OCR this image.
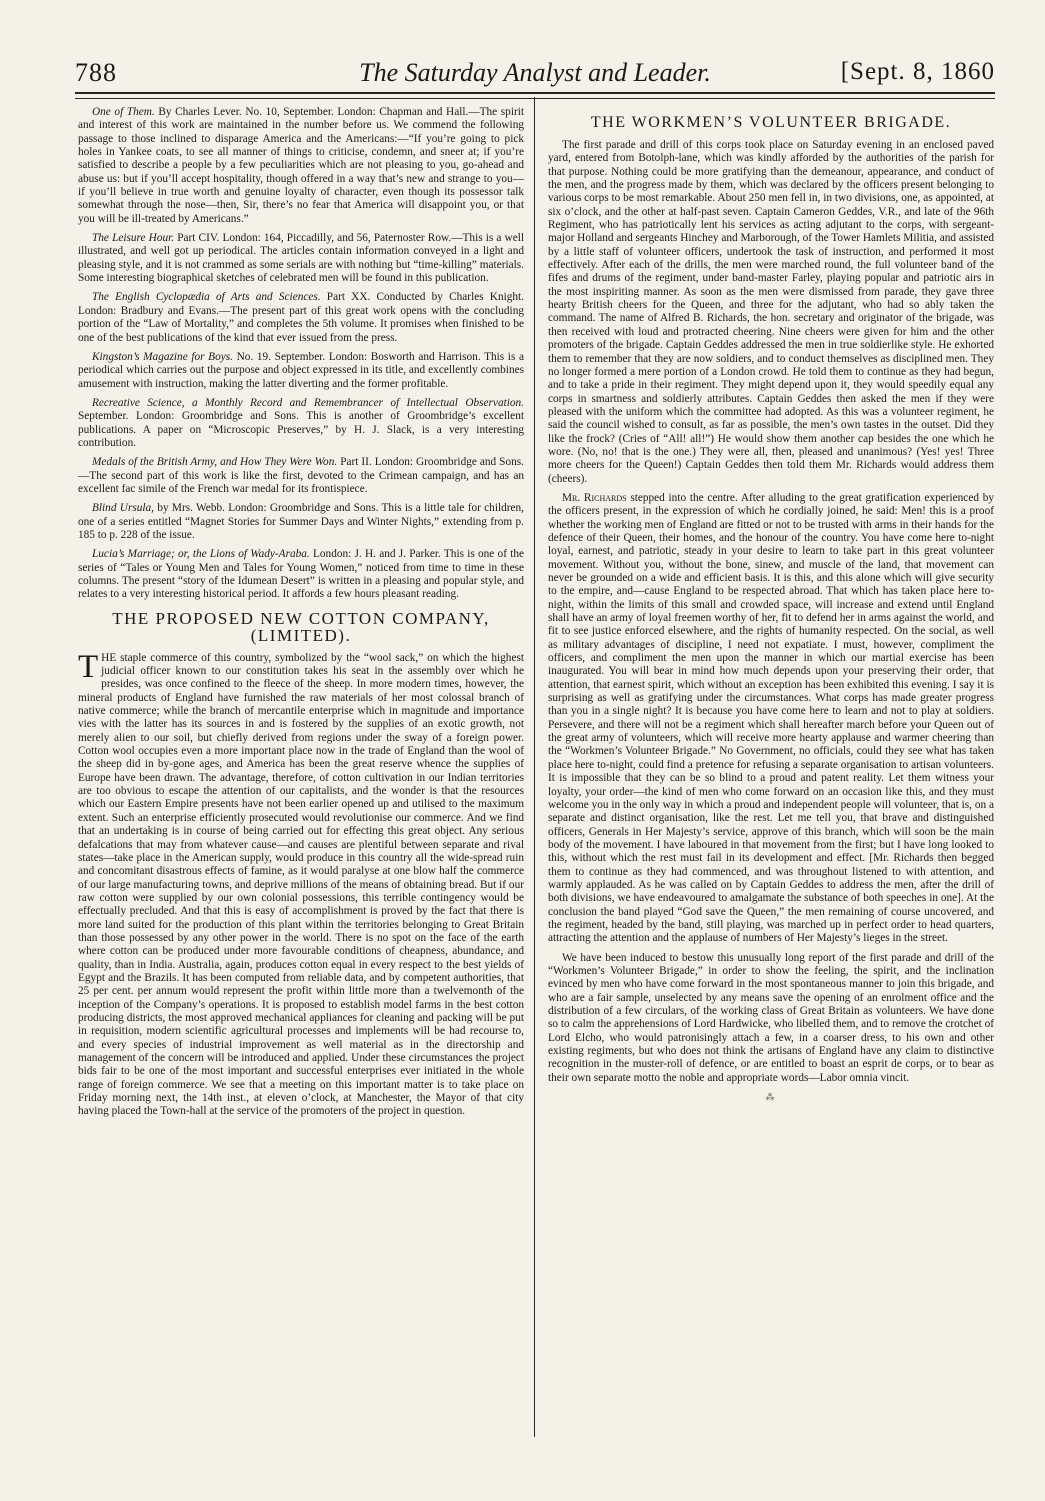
788	The Saturday Analyst and Leader.	[Sept. 8, 1860

One of Them. By Charles Lever. No. 10, September. London: Chapman and Hall.—The spirit and interest of this work are maintained in the number before us. We commend the following passage to those inclined to disparage America and the Americans:—“If you’re going to pick holes in Yankee coats, to see all manner of things to criticise, condemn, and sneer at; if you’re satisfied to describe a people by a few peculiarities which are not pleasing to you, go-ahead and abuse us: but if you’ll accept hospitality, though offered in a way that’s new and strange to you—if you’ll believe in true worth and genuine loyalty of character, even though its possessor talk somewhat through the nose—then, Sir, there’s no fear that America will disappoint you, or that you will be ill-treated by Americans.”

The Leisure Hour. Part CIV. London: 164, Piccadilly, and 56, Paternoster Row.—This is a well illustrated, and well got up periodical. The articles contain information conveyed in a light and pleasing style, and it is not crammed as some serials are with nothing but “time-killing” materials. Some interesting biographical sketches of celebrated men will be found in this publication.

The English Cyclopædia of Arts and Sciences. Part XX. Conducted by Charles Knight. London: Bradbury and Evans.—The present part of this great work opens with the concluding portion of the “Law of Mortality,” and completes the 5th volume. It promises when finished to be one of the best publications of the kind that ever issued from the press.

Kingston’s Magazine for Boys. No. 19. September. London: Bosworth and Harrison. This is a periodical which carries out the purpose and object expressed in its title, and excellently combines amusement with instruction, making the latter diverting and the former profitable.

Recreative Science, a Monthly Record and Remembrancer of Intellectual Observation. September. London: Groombridge and Sons. This is another of Groombridge’s excellent publications. A paper on “Microscopic Preserves,” by H. J. Slack, is a very interesting contribution.

Medals of the British Army, and How They Were Won. Part II. London: Groombridge and Sons.—The second part of this work is like the first, devoted to the Crimean campaign, and has an excellent fac simile of the French war medal for its frontispiece.

Blind Ursula, by Mrs. Webb. London: Groombridge and Sons. This is a little tale for children, one of a series entitled “Magnet Stories for Summer Days and Winter Nights,” extending from p. 185 to p. 228 of the issue.

Lucia’s Marriage; or, the Lions of Wady-Araba. London: J. H. and J. Parker. This is one of the series of “Tales or Young Men and Tales for Young Women,” noticed from time to time in these columns. The present “story of the Idumean Desert” is written in a pleasing and popular style, and relates to a very interesting historical period. It affords a few hours pleasant reading.

THE PROPOSED NEW COTTON COMPANY, (LIMITED).

THE staple commerce of this country, symbolized by the “wool sack,” on which the highest judicial officer known to our constitution takes his seat in the assembly over which he presides, was once confined to the fleece of the sheep. In more modern times, however, the mineral products of England have furnished the raw materials of her most colossal branch of native commerce; while the branch of mercantile enterprise which in magnitude and importance vies with the latter has its sources in and is fostered by the supplies of an exotic growth, not merely alien to our soil, but chiefly derived from regions under the sway of a foreign power. Cotton wool occupies even a more important place now in the trade of England than the wool of the sheep did in by-gone ages, and America has been the great reserve whence the supplies of Europe have been drawn. The advantage, therefore, of cotton cultivation in our Indian territories are too obvious to escape the attention of our capitalists, and the wonder is that the resources which our Eastern Empire presents have not been earlier opened up and utilised to the maximum extent. Such an enterprise efficiently prosecuted would revolutionise our commerce. And we find that an undertaking is in course of being carried out for effecting this great object. Any serious defalcations that may from whatever cause—and causes are plentiful between separate and rival states—take place in the American supply, would produce in this country all the wide-spread ruin and concomitant disastrous effects of famine, as it would paralyse at one blow half the commerce of our large manufacturing towns, and deprive millions of the means of obtaining bread. But if our raw cotton were supplied by our own colonial possessions, this terrible contingency would be effectually precluded. And that this is easy of accomplishment is proved by the fact that there is more land suited for the production of this plant within the territories belonging to Great Britain than those possessed by any other power in the world. There is no spot on the face of the earth where cotton can be produced under more favourable conditions of cheapness, abundance, and quality, than in India. Australia, again, produces cotton equal in every respect to the best yields of Egypt and the Brazils. It has been computed from reliable data, and by competent authorities, that 25 per cent. per annum would represent the profit within little more than a twelvemonth of the inception of the Company’s operations. It is proposed to establish model farms in the best cotton producing districts, the most approved mechanical appliances for cleaning and packing will be put in requisition, modern scientific agricultural processes and implements will be had recourse to, and every species of industrial improvement as well material as in the directorship and management of the concern will be introduced and applied. Under these circumstances the project bids fair to be one of the most important and successful enterprises ever initiated in the whole range of foreign commerce. We see that a meeting on this important matter is to take place on Friday morning next, the 14th inst., at eleven o’clock, at Manchester, the Mayor of that city having placed the Town-hall at the service of the promoters of the project in question.

THE WORKMEN’S VOLUNTEER BRIGADE.

The first parade and drill of this corps took place on Saturday evening in an enclosed paved yard, entered from Botolph-lane, which was kindly afforded by the authorities of the parish for that purpose. Nothing could be more gratifying than the demeanour, appearance, and conduct of the men, and the progress made by them, which was declared by the officers present belonging to various corps to be most remarkable. About 250 men fell in, in two divisions, one, as appointed, at six o’clock, and the other at half-past seven. Captain Cameron Geddes, V.R., and late of the 96th Regiment, who has patriotically lent his services as acting adjutant to the corps, with sergeant-major Holland and sergeants Hinchey and Marborough, of the Tower Hamlets Militia, and assisted by a little staff of volunteer officers, undertook the task of instruction, and performed it most effectively. After each of the drills, the men were marched round, the full volunteer band of the fifes and drums of the regiment, under band-master Farley, playing popular and patriotic airs in the most inspiriting manner. As soon as the men were dismissed from parade, they gave three hearty British cheers for the Queen, and three for the adjutant, who had so ably taken the command. The name of Alfred B. Richards, the hon. secretary and originator of the brigade, was then received with loud and protracted cheering. Nine cheers were given for him and the other promoters of the brigade. Captain Geddes addressed the men in true soldierlike style. He exhorted them to remember that they are now soldiers, and to conduct themselves as disciplined men. They no longer formed a mere portion of a London crowd. He told them to continue as they had begun, and to take a pride in their regiment. They might depend upon it, they would speedily equal any corps in smartness and soldierly attributes. Captain Geddes then asked the men if they were pleased with the uniform which the committee had adopted. As this was a volunteer regiment, he said the council wished to consult, as far as possible, the men’s own tastes in the outset. Did they like the frock? (Cries of “All! all!”) He would show them another cap besides the one which he wore. (No, no! that is the one.) They were all, then, pleased and unanimous? (Yes! yes! Three more cheers for the Queen!) Captain Geddes then told them Mr. Richards would address them (cheers).

Mr. Richards stepped into the centre. After alluding to the great gratification experienced by the officers present, in the expression of which he cordially joined, he said: Men! this is a proof whether the working men of England are fitted or not to be trusted with arms in their hands for the defence of their Queen, their homes, and the honour of the country. You have come here to-night loyal, earnest, and patriotic, steady in your desire to learn to take part in this great volunteer movement. Without you, without the bone, sinew, and muscle of the land, that movement can never be grounded on a wide and efficient basis. It is this, and this alone which will give security to the empire, and—cause England to be respected abroad. That which has taken place here to-night, within the limits of this small and crowded space, will increase and extend until England shall have an army of loyal freemen worthy of her, fit to defend her in arms against the world, and fit to see justice enforced elsewhere, and the rights of humanity respected. On the social, as well as military advantages of discipline, I need not expatiate. I must, however, compliment the officers, and compliment the men upon the manner in which our martial exercise has been inaugurated. You will bear in mind how much depends upon your preserving their order, that attention, that earnest spirit, which without an exception has been exhibited this evening. I say it is surprising as well as gratifying under the circumstances. What corps has made greater progress than you in a single night? It is because you have come here to learn and not to play at soldiers. Persevere, and there will not be a regiment which shall hereafter march before your Queen out of the great army of volunteers, which will receive more hearty applause and warmer cheering than the “Workmen’s Volunteer Brigade.” No Government, no officials, could they see what has taken place here to-night, could find a pretence for refusing a separate organisation to artisan volunteers. It is impossible that they can be so blind to a proud and patent reality. Let them witness your loyalty, your order—the kind of men who come forward on an occasion like this, and they must welcome you in the only way in which a proud and independent people will volunteer, that is, on a separate and distinct organisation, like the rest. Let me tell you, that brave and distinguished officers, Generals in Her Majesty’s service, approve of this branch, which will soon be the main body of the movement. I have laboured in that movement from the first; but I have long looked to this, without which the rest must fail in its development and effect. [Mr. Richards then begged them to continue as they had commenced, and was throughout listened to with attention, and warmly applauded. As he was called on by Captain Geddes to address the men, after the drill of both divisions, we have endeavoured to amalgamate the substance of both speeches in one]. At the conclusion the band played “God save the Queen,” the men remaining of course uncovered, and the regiment, headed by the band, still playing, was marched up in perfect order to head quarters, attracting the attention and the applause of numbers of Her Majesty’s lieges in the street.

We have been induced to bestow this unusually long report of the first parade and drill of the “Workmen’s Volunteer Brigade,” in order to show the feeling, the spirit, and the inclination evinced by men who have come forward in the most spontaneous manner to join this brigade, and who are a fair sample, unselected by any means save the opening of an enrolment office and the distribution of a few circulars, of the working class of Great Britain as volunteers. We have done so to calm the apprehensions of Lord Hardwicke, who libelled them, and to remove the crotchet of Lord Elcho, who would patronisingly attach a few, in a coarser dress, to his own and other existing regiments, but who does not think the artisans of England have any claim to distinctive recognition in the muster-roll of defence, or are entitled to boast an esprit de corps, or to bear as their own separate motto the noble and appropriate words—Labor omnia vincit.

⁂
